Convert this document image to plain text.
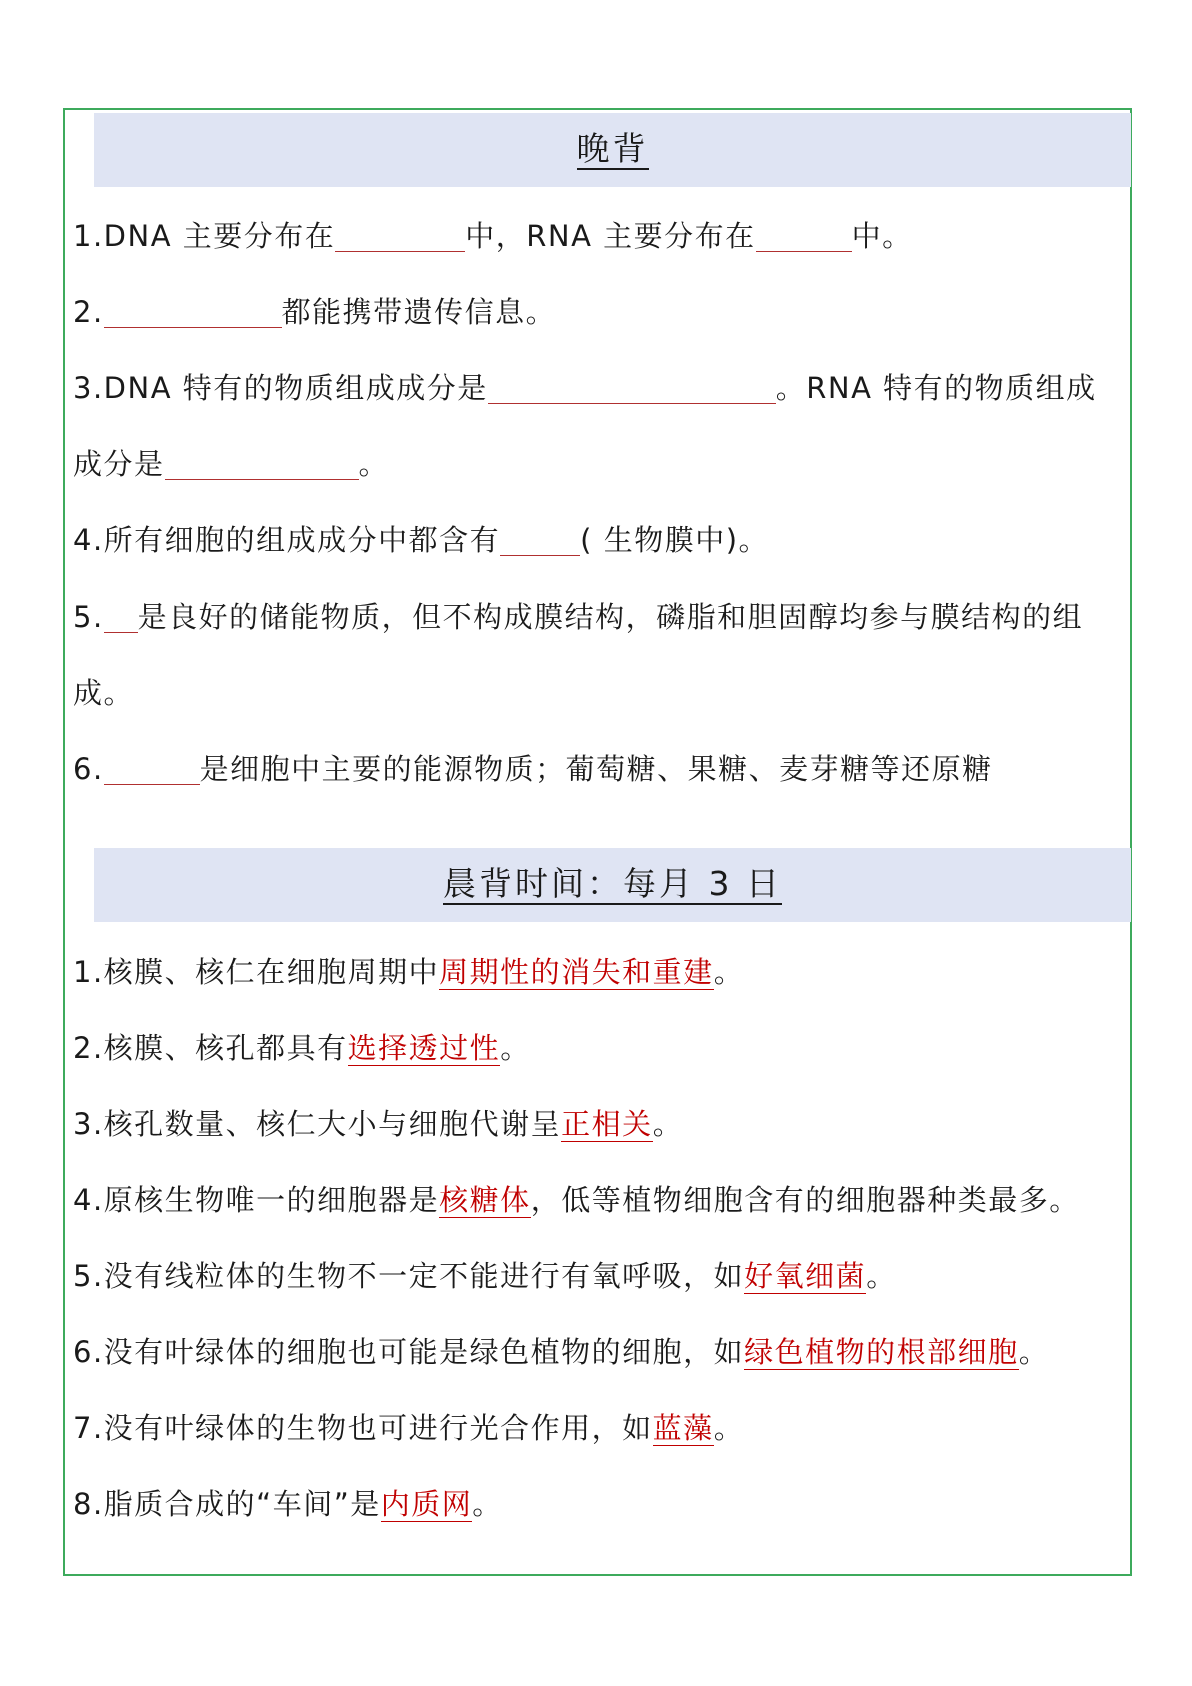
晚背
1.DNA 主要分布在	中，RNA 主要分布在	中。
2.	都能携带遗传信息。
3.DNA 特有的物质组成成分是	。RNA 特有的物质组成
成分是	。
4.所有细胞的组成成分中都含有	( 生物膜中)。
5. 是良好的储能物质，但不构成膜结构，磷脂和胆固醇均参与膜结构的组
成。
6.	是细胞中主要的能源物质；葡萄糖、果糖、麦芽糖等还原糖
晨背时间：每月 3 日
1.核膜、核仁在细胞周期中周期性的消失和重建。
2.核膜、核孔都具有选择透过性。
3.核孔数量、核仁大小与细胞代谢呈正相关。
4.原核生物唯一的细胞器是核糖体，低等植物细胞含有的细胞器种类最多。
5.没有线粒体的生物不一定不能进行有氧呼吸，如好氧细菌。
6.没有叶绿体的细胞也可能是绿色植物的细胞，如绿色植物的根部细胞。
7.没有叶绿体的生物也可进行光合作用，如蓝藻。
8.脂质合成的“车间”是内质网。
